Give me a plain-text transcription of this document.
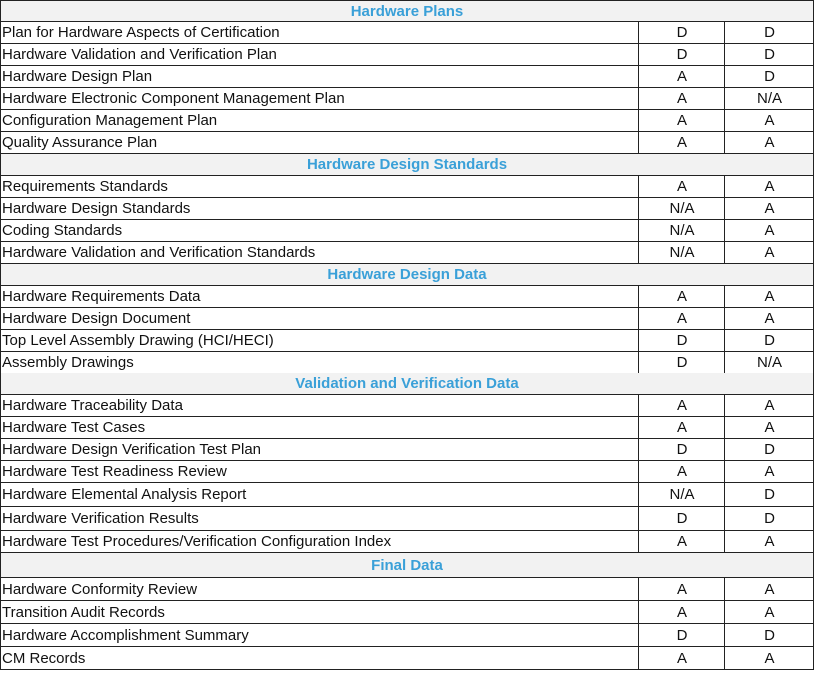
Hardware Plans
Plan for Hardware Aspects of Certification	D	D
Hardware Validation and Verification Plan	D	D
Hardware Design Plan	A	D
Hardware Electronic Component Management Plan	A	N/A
Configuration Management Plan	A	A
Quality Assurance Plan	A	A
Hardware Design Standards
Requirements Standards	A	A
Hardware Design Standards	N/A	A
Coding Standards	N/A	A
Hardware Validation and Verification Standards	N/A	A
Hardware Design Data
Hardware Requirements Data	A	A
Hardware Design Document	A	A
Top Level Assembly Drawing (HCI/HECI)	D	D
Assembly Drawings	D	N/A
Validation and Verification Data
Hardware Traceability Data	A	A
Hardware Test Cases	A	A
Hardware Design Verification Test Plan	D	D
Hardware Test Readiness Review	A	A
Hardware Elemental Analysis Report	N/A	D
Hardware Verification Results	D	D
Hardware Test Procedures/Verification Configuration Index	A	A
Final Data
Hardware Conformity Review	A	A
Transition Audit Records	A	A
Hardware Accomplishment Summary	D	D
CM Records	A	A
